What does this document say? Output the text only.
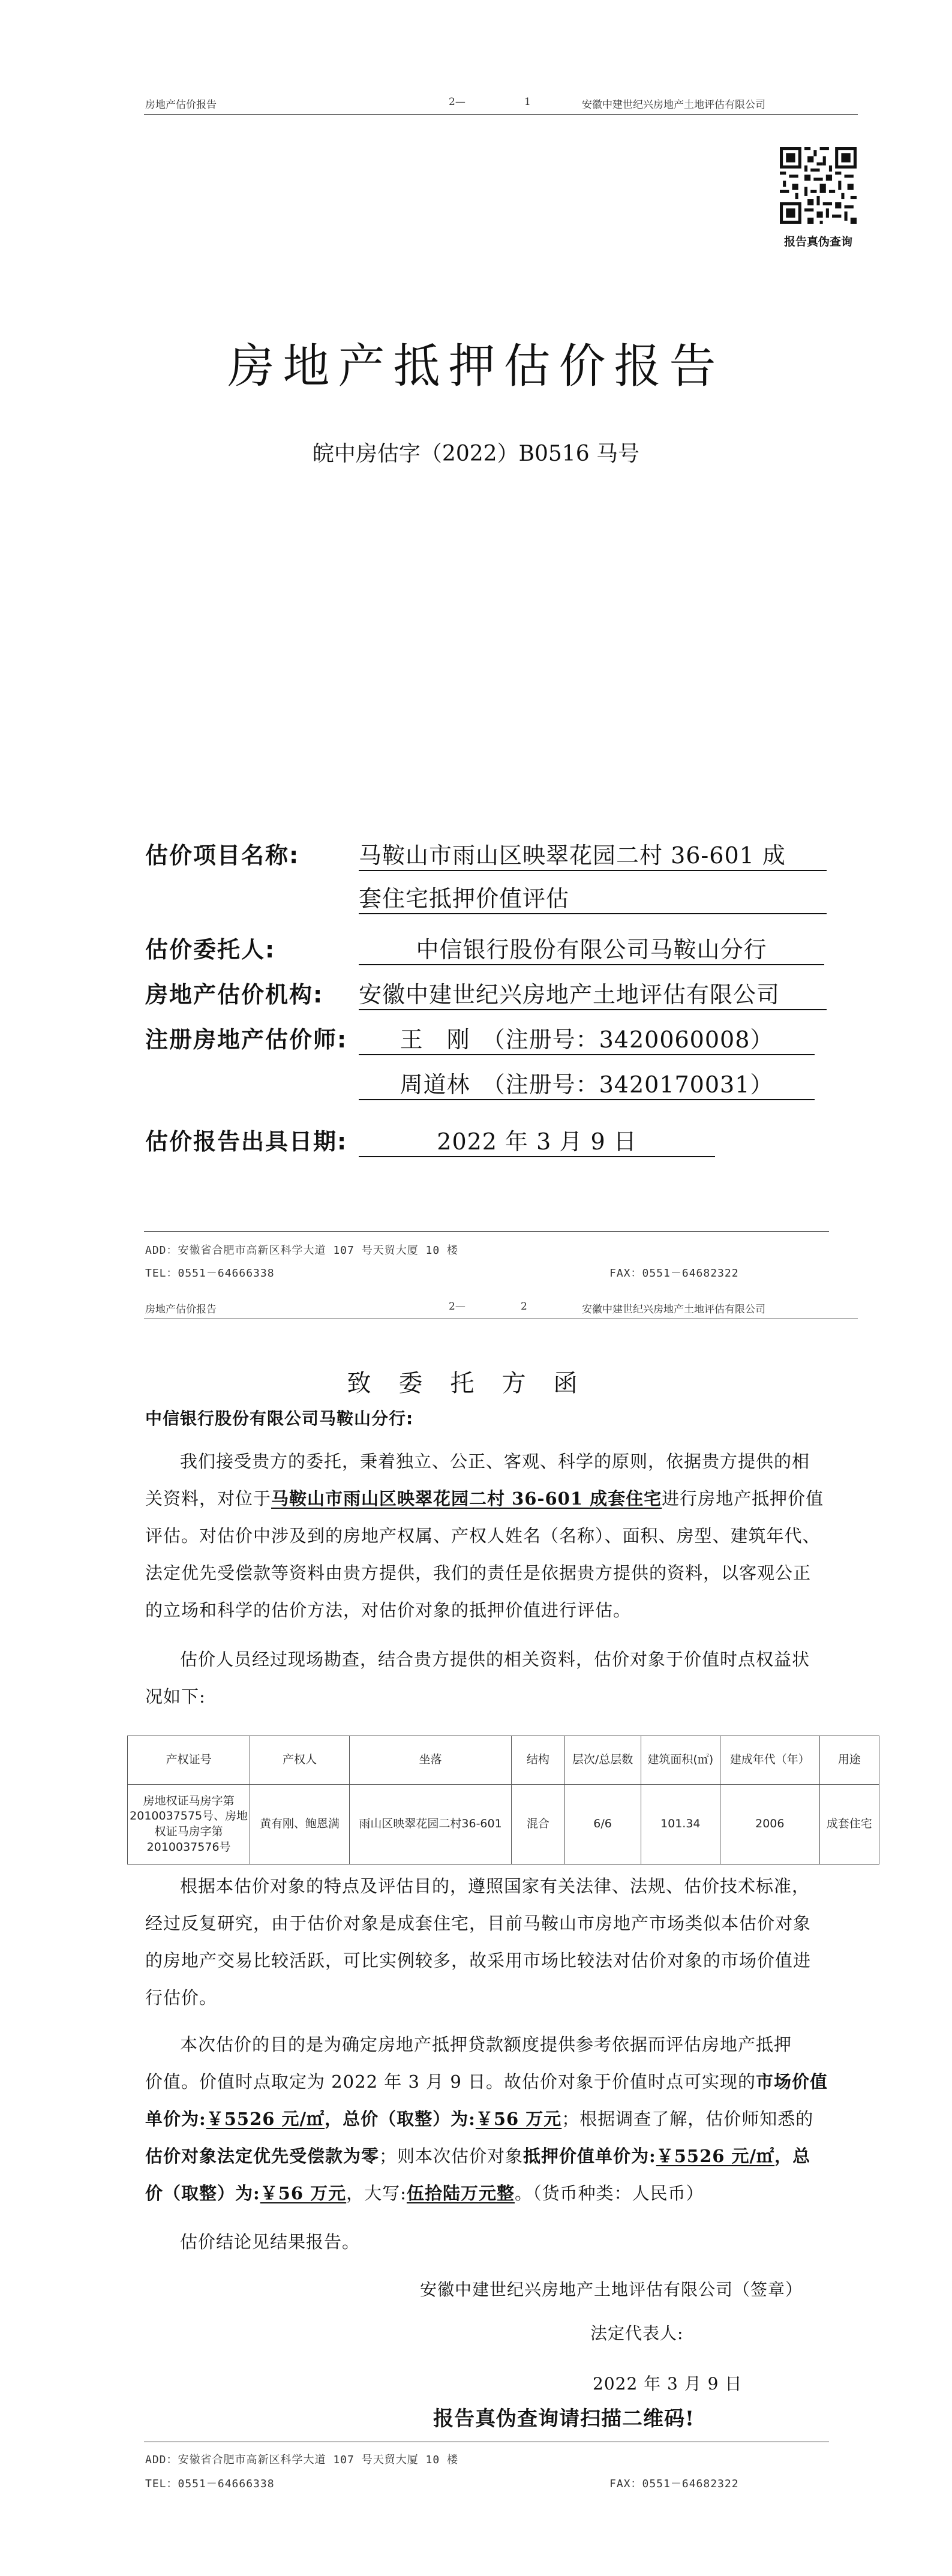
房地产估价报告	2—	1	安徽中建世纪兴房地产土地评估有限公司
报告真伪查询
房地产抵押估价报告
皖中房估字（2022）B0516 马号
估价项目名称:	马鞍山市雨山区映翠花园二村 36-601 成
套住宅抵押价值评估
估价委托人:	中信银行股份有限公司马鞍山分行
房地产估价机构: 安徽中建世纪兴房地产土地评估有限公司
注册房地产估价师:	王　刚　（注册号：3420060008）
周道林　（注册号：3420170031）
估价报告出具日期:	2022 年 3 月 9 日
ADD：安徽省合肥市高新区科学大道 107 号天贸大厦 10 楼
TEL：0551－64666338	FAX：0551－64682322
房地产估价报告	2—	2	安徽中建世纪兴房地产土地评估有限公司
致委托方函
中信银行股份有限公司马鞍山分行:
我们接受贵方的委托，秉着独立、公正、客观、科学的原则，依据贵方提供的相
关资料，对位于马鞍山市雨山区映翠花园二村 36-601 成套住宅进行房地产抵押价值
评估。对估价中涉及到的房地产权属、产权人姓名（名称）、面积、房型、建筑年代、
法定优先受偿款等资料由贵方提供，我们的责任是依据贵方提供的资料，以客观公正
的立场和科学的估价方法，对估价对象的抵押价值进行评估。
估价人员经过现场勘查，结合贵方提供的相关资料，估价对象于价值时点权益状
况如下:
产权证号	产权人	坐落	结构	层次/总层数	建筑面积(㎡)	建成年代（年）	用途
房地权证马房字第2010037575号、房地权证马房字第2010037576号	黄有刚、鲍恩满	雨山区映翠花园二村36-601	混合	6/6	101.34	2006	成套住宅
根据本估价对象的特点及评估目的，遵照国家有关法律、法规、估价技术标准，
经过反复研究，由于估价对象是成套住宅，目前马鞍山市房地产市场类似本估价对象
的房地产交易比较活跃，可比实例较多，故采用市场比较法对估价对象的市场价值进
行估价。
本次估价的目的是为确定房地产抵押贷款额度提供参考依据而评估房地产抵押
价值。价值时点取定为 2022 年 3 月 9 日。故估价对象于价值时点可实现的市场价值
单价为:￥5526 元/㎡，总价（取整）为:￥56 万元；根据调查了解，估价师知悉的
估价对象法定优先受偿款为零；则本次估价对象抵押价值单价为:￥5526 元/㎡，总
价（取整）为:￥56 万元，大写:伍拾陆万元整。（货币种类：人民币）
估价结论见结果报告。
安徽中建世纪兴房地产土地评估有限公司（签章）
法定代表人:
2022 年 3 月 9 日
报告真伪查询请扫描二维码!
ADD：安徽省合肥市高新区科学大道 107 号天贸大厦 10 楼
TEL：0551－64666338	FAX：0551－64682322
